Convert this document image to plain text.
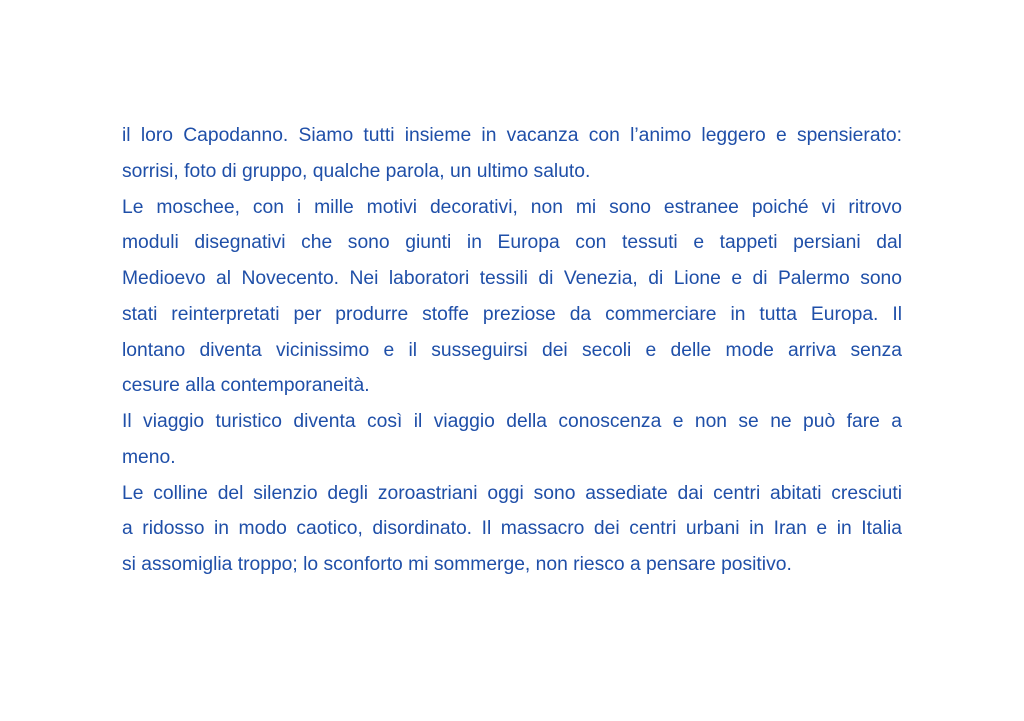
il loro Capodanno. Siamo tutti insieme in vacanza con l’animo leggero e spensierato:
sorrisi, foto di gruppo, qualche parola, un ultimo saluto.
Le moschee, con i mille motivi decorativi, non mi sono estranee poiché vi ritrovo
moduli disegnativi che sono giunti in Europa con tessuti e tappeti persiani dal
Medioevo al Novecento. Nei laboratori tessili di Venezia, di Lione e di Palermo sono
stati reinterpretati per produrre stoffe preziose da commerciare in tutta Europa. Il
lontano diventa vicinissimo e il susseguirsi dei secoli e delle mode arriva senza
cesure alla contemporaneità.
Il viaggio turistico diventa così il viaggio della conoscenza e non se ne può fare a
meno.
Le colline del silenzio degli zoroastriani oggi sono assediate dai centri abitati cresciuti
a ridosso in modo caotico, disordinato. Il massacro dei centri urbani in Iran e in Italia
si assomiglia troppo; lo sconforto mi sommerge, non riesco a pensare positivo.
